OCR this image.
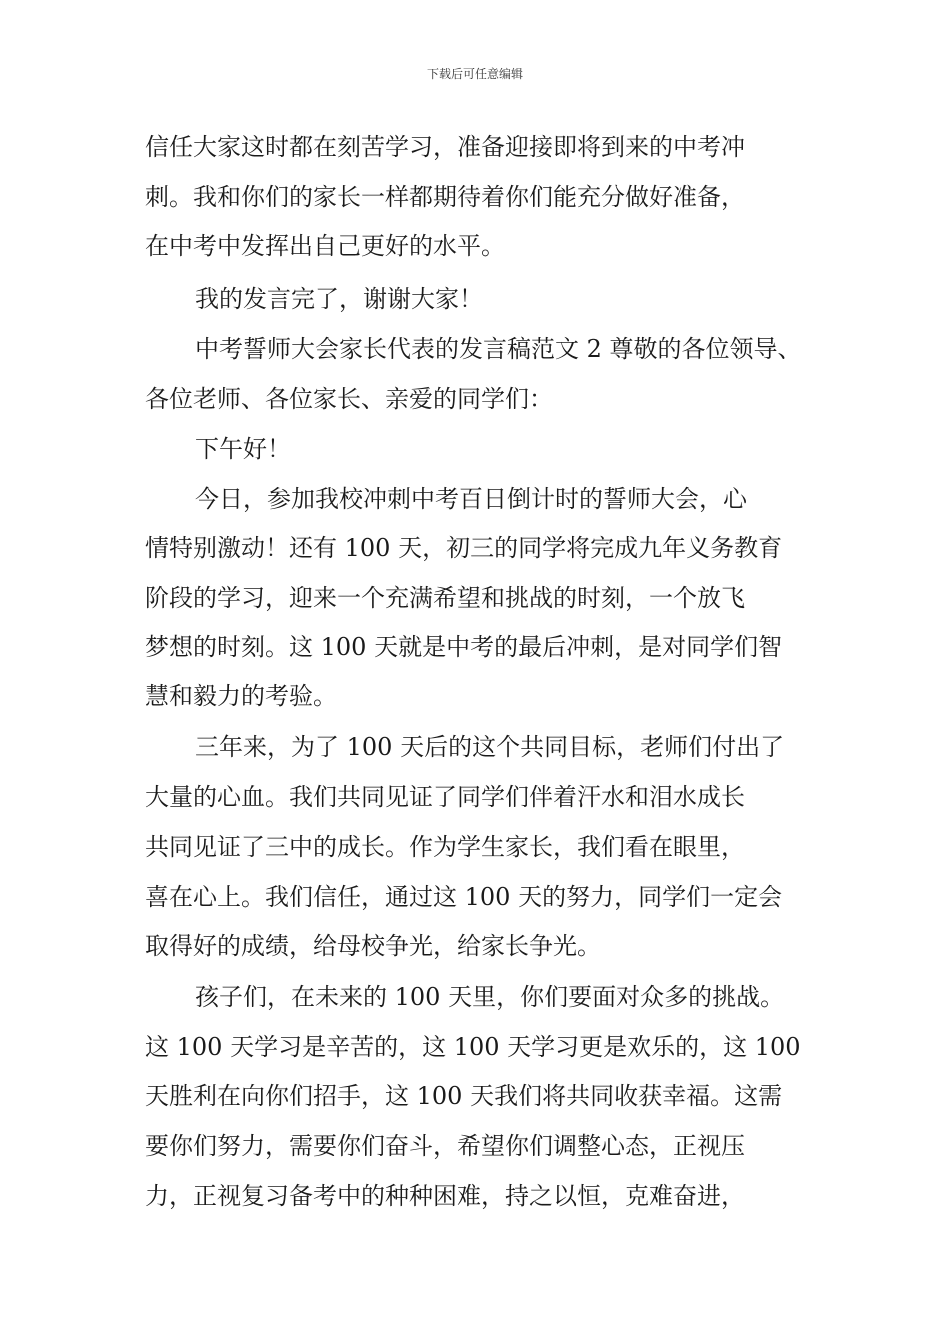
下载后可任意编辑
信任大家这时都在刻苦学习，准备迎接即将到来的中考冲
刺。我和你们的家长一样都期待着你们能充分做好准备，
在中考中发挥出自己更好的水平。
我的发言完了，谢谢大家！
中考誓师大会家长代表的发言稿范文 2 尊敬的各位领导、
各位老师、各位家长、亲爱的同学们：
下午好！
今日，参加我校冲刺中考百日倒计时的誓师大会，心
情特别激动！还有 100 天，初三的同学将完成九年义务教育
阶段的学习，迎来一个充满希望和挑战的时刻，一个放飞
梦想的时刻。这 100 天就是中考的最后冲刺，是对同学们智
慧和毅力的考验。
三年来，为了 100 天后的这个共同目标，老师们付出了
大量的心血。我们共同见证了同学们伴着汗水和泪水成长
共同见证了三中的成长。作为学生家长，我们看在眼里，
喜在心上。我们信任，通过这 100 天的努力，同学们一定会
取得好的成绩，给母校争光，给家长争光。
孩子们，在未来的 100 天里，你们要面对众多的挑战。
这 100 天学习是辛苦的，这 100 天学习更是欢乐的，这 100
天胜利在向你们招手，这 100 天我们将共同收获幸福。这需
要你们努力，需要你们奋斗，希望你们调整心态，正视压
力，正视复习备考中的种种困难，持之以恒，克难奋进，
